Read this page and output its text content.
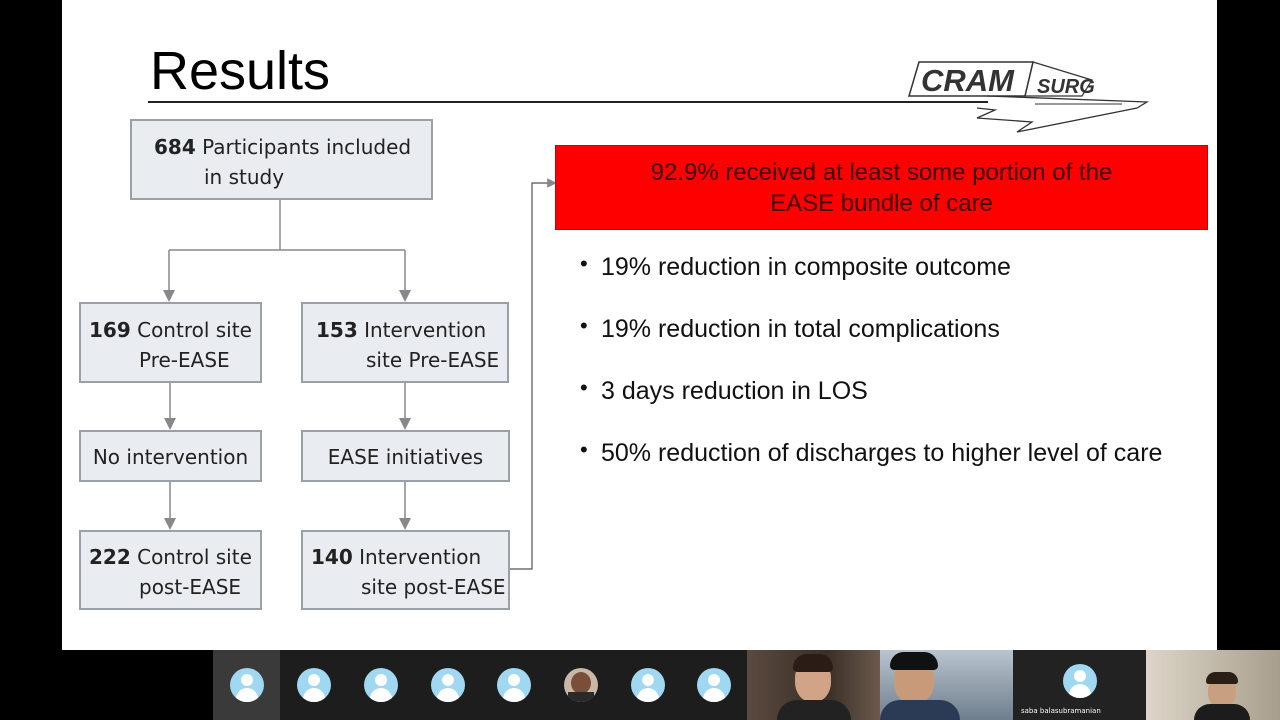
Results	CRAM SURG
684 Participants included
in study
169 Control site
Pre-EASE
153 Intervention
site Pre-EASE
No intervention	EASE initiatives
222 Control site
post-EASE
140 Intervention
site post-EASE
92.9% received at least some portion of the
EASE bundle of care
• 19% reduction in composite outcome
• 19% reduction in total complications
• 3 days reduction in LOS
• 50% reduction of discharges to higher level of care
saba balasubramanian
